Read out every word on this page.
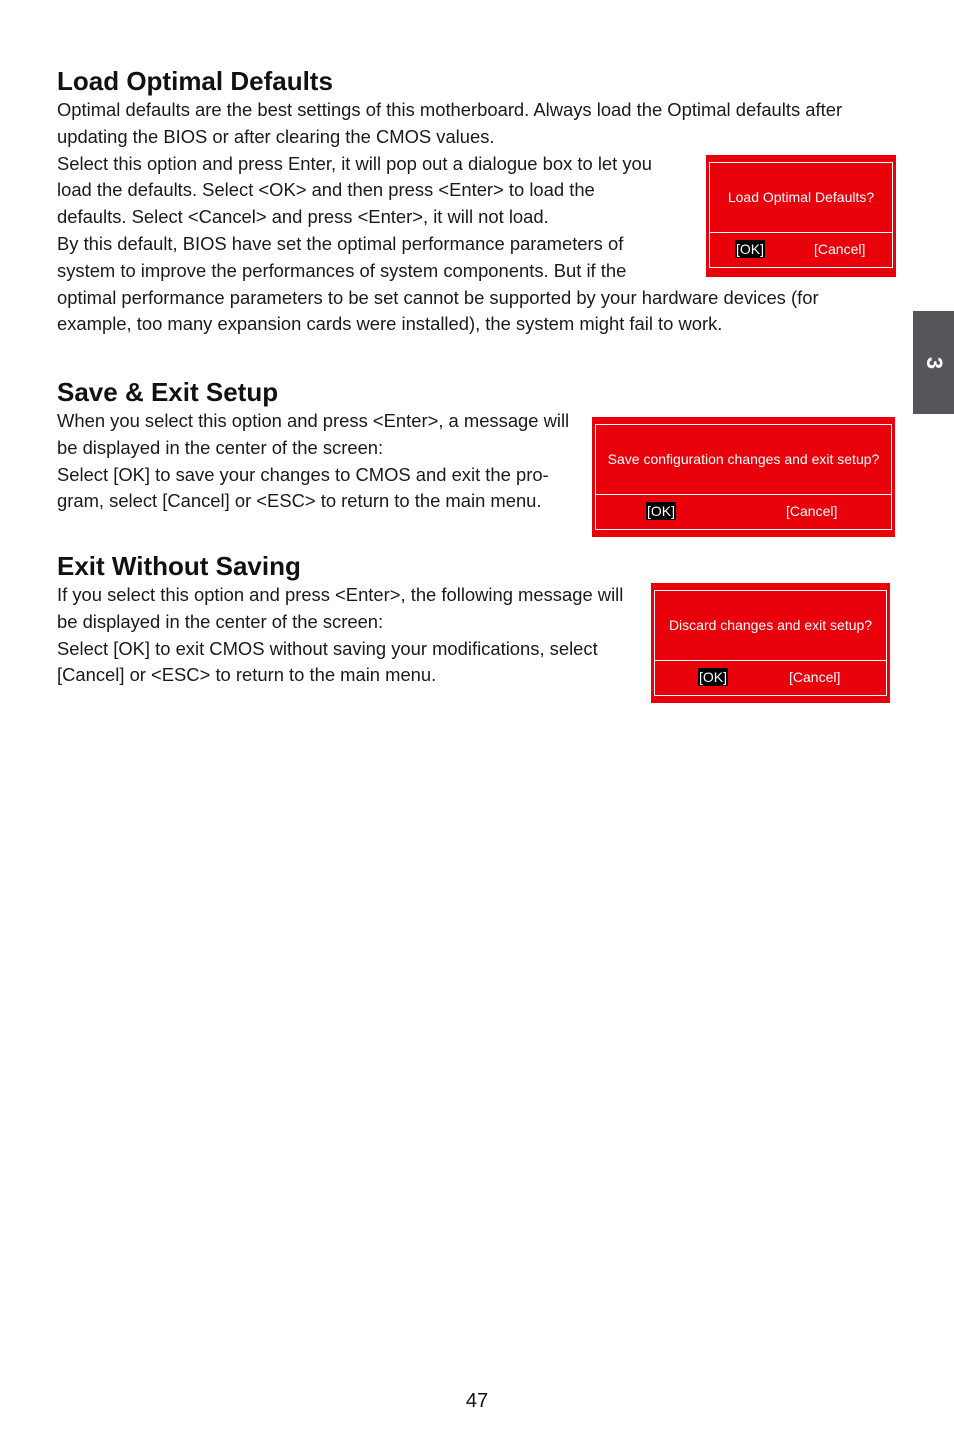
3
Load Optimal Defaults

Optimal defaults are the best settings of this motherboard. Always load the Optimal defaults after updating the BIOS or after clearing the CMOS values.

Load Optimal Defaults?
[OK]	[Cancel]

Select this option and press Enter, it will pop out a dialogue box to let you load the defaults. Select <OK> and then press <Enter> to load the defaults. Select <Cancel> and press <Enter>, it will not load.

By this default, BIOS have set the optimal performance parameters of system to improve the performances of system components. But if the optimal performance parameters to be set cannot be supported by your hardware devices (for example, too many expansion cards were installed), the system might fail to work.

Save & Exit Setup

When you select this option and press <Enter>, a message will be displayed in the center of the screen:

Select [OK] to save your changes to CMOS and exit the pro-gram, select [Cancel] or <ESC> to return to the main menu.

Save configuration changes and exit setup?
[OK]	[Cancel]
Exit Without Saving

If you select this option and press <Enter>, the following message will be displayed in the center of the screen:

Select [OK] to exit CMOS without saving your modifications, select [Cancel] or <ESC> to return to the main menu.

Discard changes and exit setup?
[OK]	[Cancel]
47
